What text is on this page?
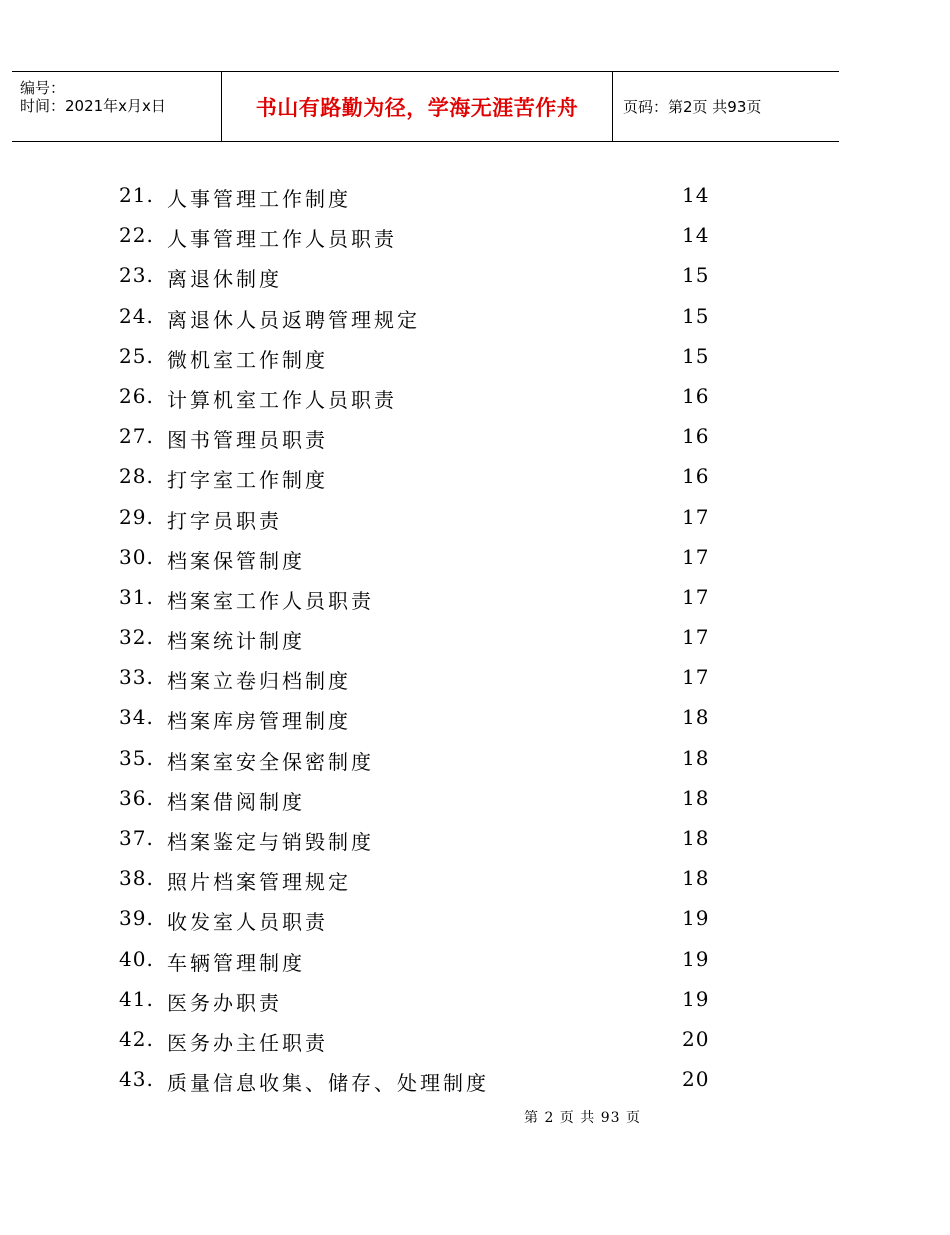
编号：
时间：2021年x月x日	书山有路勤为径，学海无涯苦作舟	页码：第2页 共93页
21. 人事管理工作制度	14
22. 人事管理工作人员职责	14
23. 离退休制度	15
24. 离退休人员返聘管理规定	15
25. 微机室工作制度	15
26. 计算机室工作人员职责	16
27. 图书管理员职责	16
28. 打字室工作制度	16
29. 打字员职责	17
30. 档案保管制度	17
31. 档案室工作人员职责	17
32. 档案统计制度	17
33. 档案立卷归档制度	17
34. 档案库房管理制度	18
35. 档案室安全保密制度	18
36. 档案借阅制度	18
37. 档案鉴定与销毁制度	18
38. 照片档案管理规定	18
39. 收发室人员职责	19
40. 车辆管理制度	19
41. 医务办职责	19
42. 医务办主任职责	20
43. 质量信息收集、储存、处理制度	20
第 2 页 共 93 页
